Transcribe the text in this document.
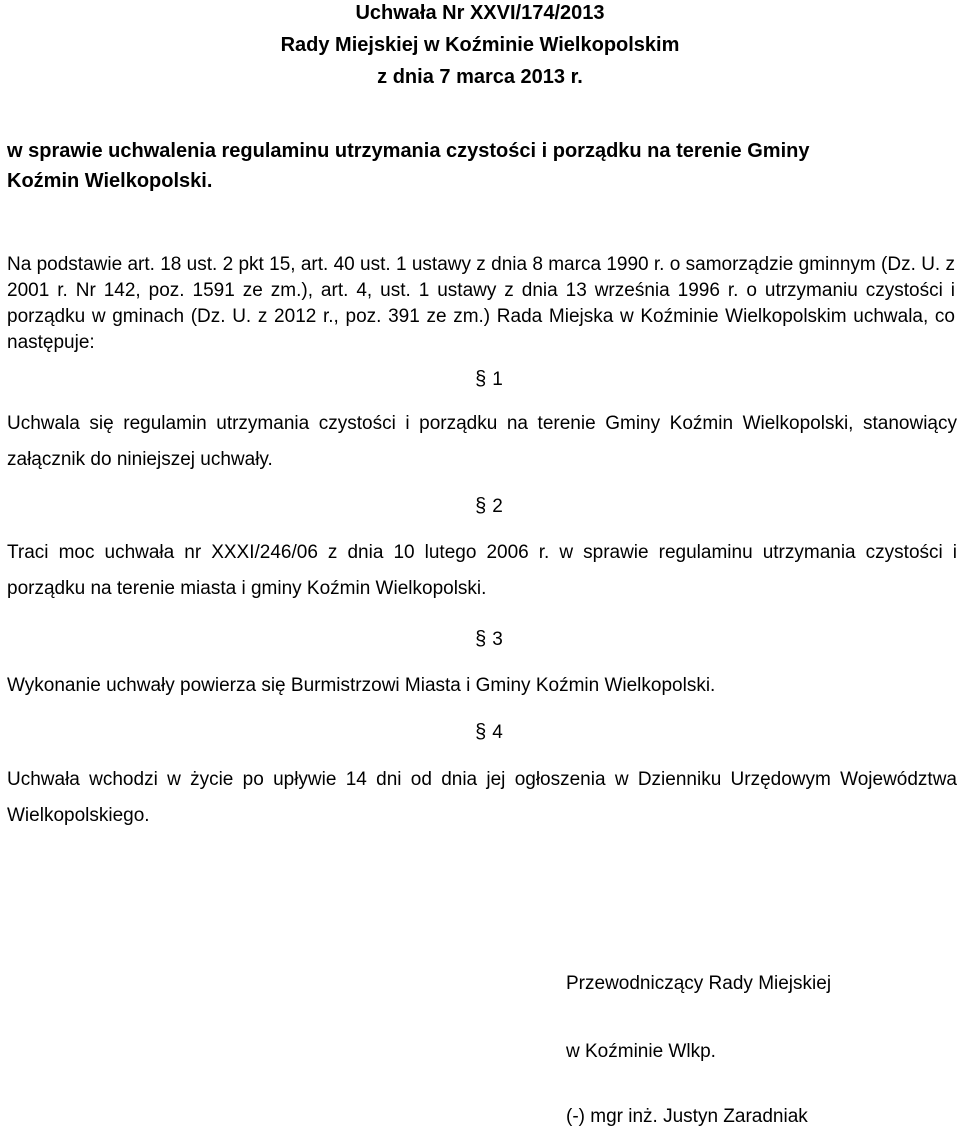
Uchwała Nr XXVI/174/2013

Rady Miejskiej w Koźminie Wielkopolskim

z dnia 7 marca 2013 r.

w sprawie uchwalenia regulaminu utrzymania czystości i porządku na terenie Gminy Koźmin Wielkopolski.

Na podstawie art. 18 ust. 2 pkt 15, art. 40 ust. 1 ustawy z dnia 8 marca 1990 r. o samorządzie gminnym (Dz. U. z 2001 r. Nr 142, poz. 1591 ze zm.), art. 4, ust. 1 ustawy z dnia 13 września 1996 r. o utrzymaniu czystości i porządku w gminach (Dz. U. z 2012 r., poz. 391 ze zm.) Rada Miejska w Koźminie Wielkopolskim uchwala, co następuje:

§ 1

Uchwala się regulamin utrzymania czystości i porządku na terenie Gminy Koźmin Wielkopolski, stanowiący załącznik do niniejszej uchwały.

§ 2

Traci moc uchwała nr XXXI/246/06 z dnia 10 lutego 2006 r. w sprawie regulaminu utrzymania czystości i porządku na terenie miasta i gminy Koźmin Wielkopolski.

§ 3

Wykonanie uchwały powierza się Burmistrzowi Miasta i Gminy Koźmin Wielkopolski.

§ 4

Uchwała wchodzi w życie po upływie 14 dni od dnia jej ogłoszenia w Dzienniku Urzędowym Województwa Wielkopolskiego.

Przewodniczący Rady Miejskiej

w Koźminie Wlkp.

(-) mgr inż. Justyn Zaradniak
